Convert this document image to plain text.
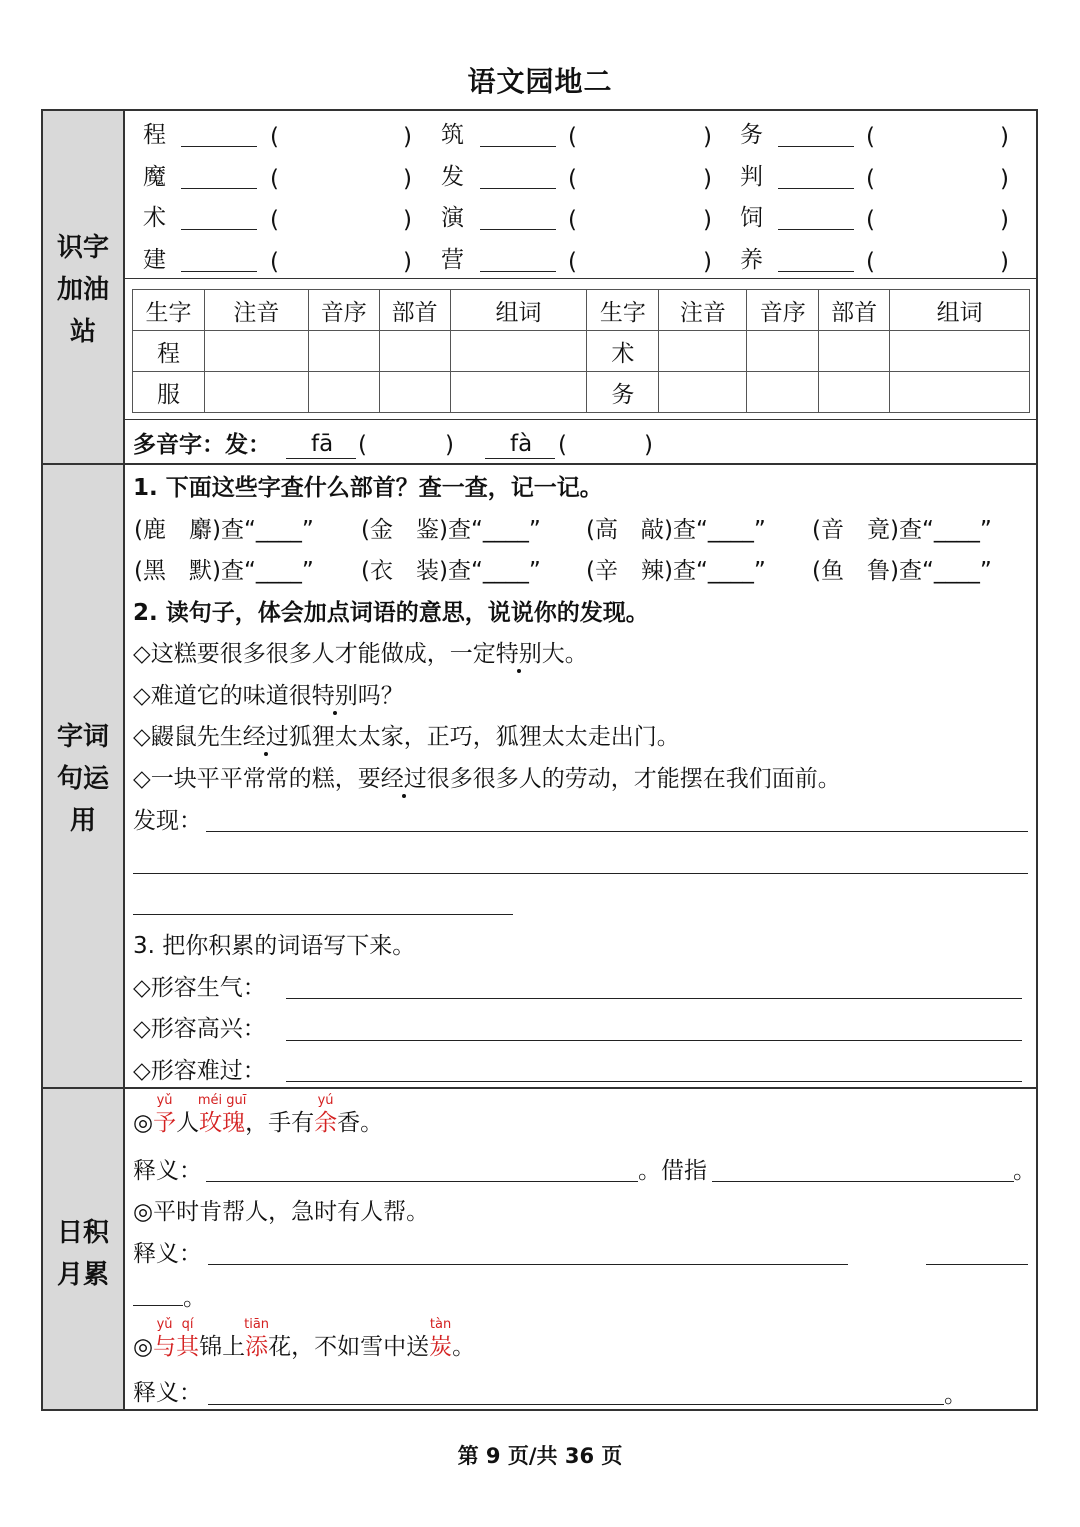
语文园地二
识字
加油
站
字词
句运
用
日积
月累
程	(	) 筑	(	) 务	(	)
魔	(	) 发	(	) 判	(	)
术	(	) 演	(	) 饲	(	)
建	(	) 营	(	) 养	(	)
生字	注音	音序	部首	组词	生字	注音	音序	部首	组词
程					术				
服					务				
多音字：发： fā (	) fà (	)
1. 下面这些字查什么部首？查一查，记一记。
(鹿　麝)查“____” (金　鉴)查“____” (高　敲)查“____” (音　竟)查“____”
(黑　默)查“____” (衣　装)查“____” (辛　辣)查“____” (鱼　鲁)查“____”
2. 读句子，体会加点词语的意思，说说你的发现。
◇这糕要很多很多人才能做成，一定特别大。
◇难道它的味道很特别吗？
◇鼹鼠先生经过狐狸太太家，正巧，狐狸太太走出门。
◇一块平平常常的糕，要经过很多很多人的劳动，才能摆在我们面前。
发现：
3. 把你积累的词语写下来。
◇形容生气：
◇形容高兴：
◇形容难过：
◎予
yǔ
人玫瑰
méi guī
，手有余
yú
香。
释义：	。借指	。
◎平时肯帮人，急时有人帮。
释义：
。
◎与
yǔ
其
qí
锦上添
tiān
花，不如雪中送炭
tàn
。
释义：	。
第 9 页/共 36 页
